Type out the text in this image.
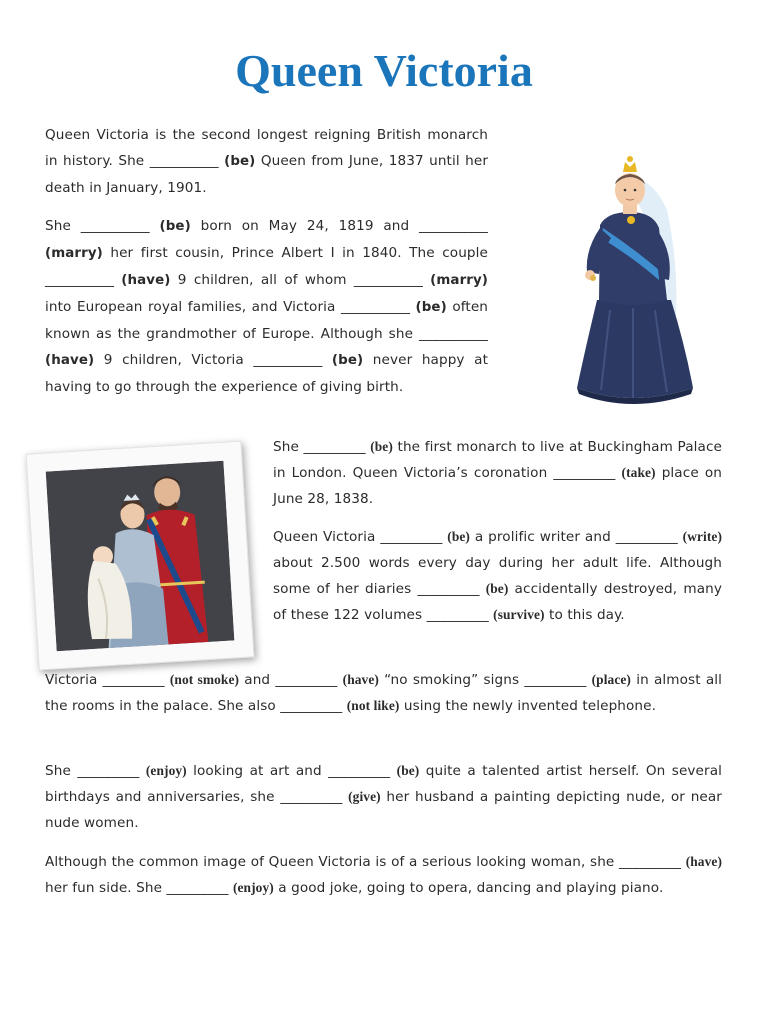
Queen Victoria

Queen Victoria is the second longest reigning British monarch in history. She __________ (be) Queen from June, 1837 until her death in January, 1901.

She __________ (be) born on May 24, 1819 and __________ (marry) her first cousin, Prince Albert I in 1840. The couple __________ (have) 9 children, all of whom __________ (marry) into European royal families, and Victoria __________ (be) often known as the grandmother of Europe. Although she __________ (have) 9 children, Victoria __________ (be) never happy at having to go through the experience of giving birth.

She _________ (be) the first monarch to live at Buckingham Palace in London. Queen Victoria’s coronation _________ (take) place on June 28, 1838.

Queen Victoria _________ (be) a prolific writer and _________ (write) about 2.500 words every day during her adult life. Although some of her diaries _________ (be) accidentally destroyed, many of these 122 volumes _________ (survive) to this day.

Victoria _________ (not smoke) and _________ (have) “no smoking” signs _________ (place) in almost all the rooms in the palace. She also _________ (not like) using the newly invented telephone.

She _________ (enjoy) looking at art and _________ (be) quite a talented artist herself. On several birthdays and anniversaries, she _________ (give) her husband a painting depicting nude, or near nude women.

Although the common image of Queen Victoria is of a serious looking woman, she _________ (have) her fun side. She _________ (enjoy) a good joke, going to opera, dancing and playing piano.
